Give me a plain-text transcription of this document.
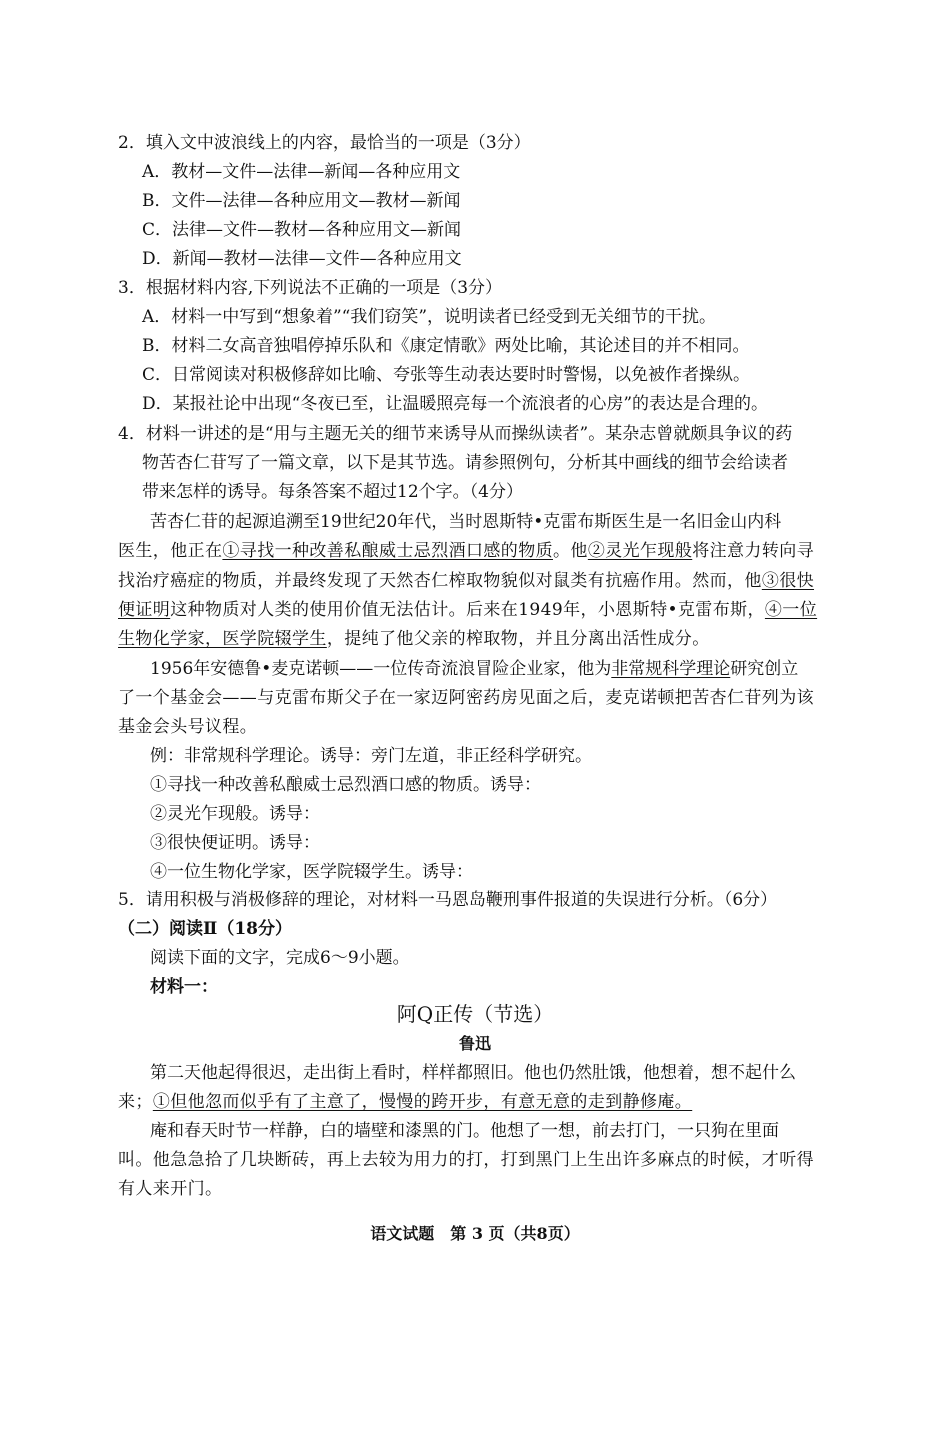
2．填入文中波浪线上的内容，最恰当的一项是（3分）
A．教材—文件—法律—新闻—各种应用文
B．文件—法律—各种应用文—教材—新闻
C．法律—文件—教材—各种应用文—新闻
D．新闻—教材—法律—文件—各种应用文
3．根据材料内容,下列说法不正确的一项是（3分）
A．材料一中写到“想象着”“我们窃笑”，说明读者已经受到无关细节的干扰。
B．材料二女高音独唱停掉乐队和《康定情歌》两处比喻，其论述目的并不相同。
C．日常阅读对积极修辞如比喻、夸张等生动表达要时时警惕，以免被作者操纵。
D．某报社论中出现“冬夜已至，让温暖照亮每一个流浪者的心房”的表达是合理的。
4．材料一讲述的是“用与主题无关的细节来诱导从而操纵读者”。某杂志曾就颇具争议的药
物苦杏仁苷写了一篇文章，以下是其节选。请参照例句，分析其中画线的细节会给读者
带来怎样的诱导。每条答案不超过12个字。（4分）
苦杏仁苷的起源追溯至19世纪20年代，当时恩斯特•克雷布斯医生是一名旧金山内科
医生，他正在①寻找一种改善私酿威士忌烈酒口感的物质。他②灵光乍现般将注意力转向寻
找治疗癌症的物质，并最终发现了天然杏仁榨取物貌似对鼠类有抗癌作用。然而，他③很快
便证明这种物质对人类的使用价值无法估计。后来在1949年，小恩斯特•克雷布斯，④一位
生物化学家，医学院辍学生，提纯了他父亲的榨取物，并且分离出活性成分。
1956年安德鲁•麦克诺顿——一位传奇流浪冒险企业家，他为非常规科学理论研究创立
了一个基金会——与克雷布斯父子在一家迈阿密药房见面之后，麦克诺顿把苦杏仁苷列为该
基金会头号议程。
例：非常规科学理论。诱导：旁门左道，非正经科学研究。
①寻找一种改善私酿威士忌烈酒口感的物质。诱导：
②灵光乍现般。诱导：
③很快便证明。诱导：
④一位生物化学家，医学院辍学生。诱导：
5．请用积极与消极修辞的理论，对材料一马恩岛鞭刑事件报道的失误进行分析。（6分）
（二）阅读Ⅱ（18分）
阅读下面的文字，完成6～9小题。
材料一：
阿Q正传（节选）
鲁迅
第二天他起得很迟，走出街上看时，样样都照旧。他也仍然肚饿，他想着，想不起什么
来；①但他忽而似乎有了主意了，慢慢的跨开步，有意无意的走到静修庵。
庵和春天时节一样静，白的墙壁和漆黑的门。他想了一想，前去打门，一只狗在里面
叫。他急急拾了几块断砖，再上去较为用力的打，打到黑门上生出许多麻点的时候，才听得
有人来开门。
语文试题　第 3 页（共8页）
